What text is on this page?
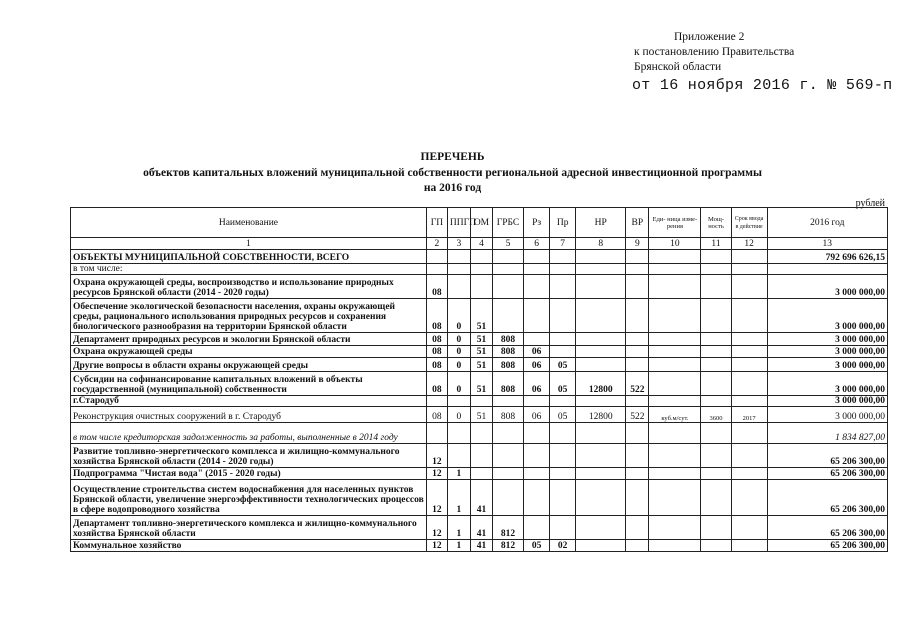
Приложение 2
к постановлению Правительства
Брянской области
от 16 ноября 2016 г. № 569-п
ПЕРЕЧЕНЬ
объектов капитальных вложений муниципальной собственности региональной адресной инвестиционной программы
на 2016 год
рублей
Наименование	ГП	ППГП	ОМ	ГРБС	Рз	Пр	НР	ВР	Еди- ница изме- рения	Мощ- ность	Срок ввода в действие	2016 год
1	2	3	4	5	6	7	8	9	10	11	12	13
ОБЪЕКТЫ МУНИЦИПАЛЬНОЙ СОБСТВЕННОСТИ, ВСЕГО												792 696 626,15
в том числе:												
Охрана окружающей среды, воспроизводство и использование природных ресурсов Брянской области (2014 - 2020 годы)	08											3 000 000,00
Обеспечение экологической безопасности населения, охраны окружающей среды, рационального использования природных ресурсов и сохранения биологического разнообразия на территории Брянской области	08	0	51									3 000 000,00
Департамент природных ресурсов и экологии Брянской области	08	0	51	808								3 000 000,00
Охрана окружающей среды	08	0	51	808	06							3 000 000,00
Другие вопросы в области охраны окружающей среды	08	0	51	808	06	05						3 000 000,00
Субсидии на софинансирование капитальных вложений в объекты государственной (муниципальной) собственности	08	0	51	808	06	05	12800	522				3 000 000,00
г.Стародуб												3 000 000,00
Реконструкция очистных сооружений в г. Стародуб	08	0	51	808	06	05	12800	522	куб.м/сут.	3600	2017	3 000 000,00
в том числе кредиторская задолженность за работы, выполненные в 2014 году												1 834 827,00
Развитие топливно-энергетического комплекса и жилищно-коммунального хозяйства Брянской области (2014 - 2020 годы)	12											65 206 300,00
Подпрограмма "Чистая вода" (2015 - 2020 годы)	12	1										65 206 300,00
Осуществление строительства систем водоснабжения для населенных пунктов Брянской области, увеличение энергоэффективности технологических процессов в сфере водопроводного хозяйства	12	1	41									65 206 300,00
Департамент топливно-энергетического комплекса и жилищно-коммунального хозяйства Брянской области	12	1	41	812								65 206 300,00
Коммунальное хозяйство	12	1	41	812	05	02						65 206 300,00
